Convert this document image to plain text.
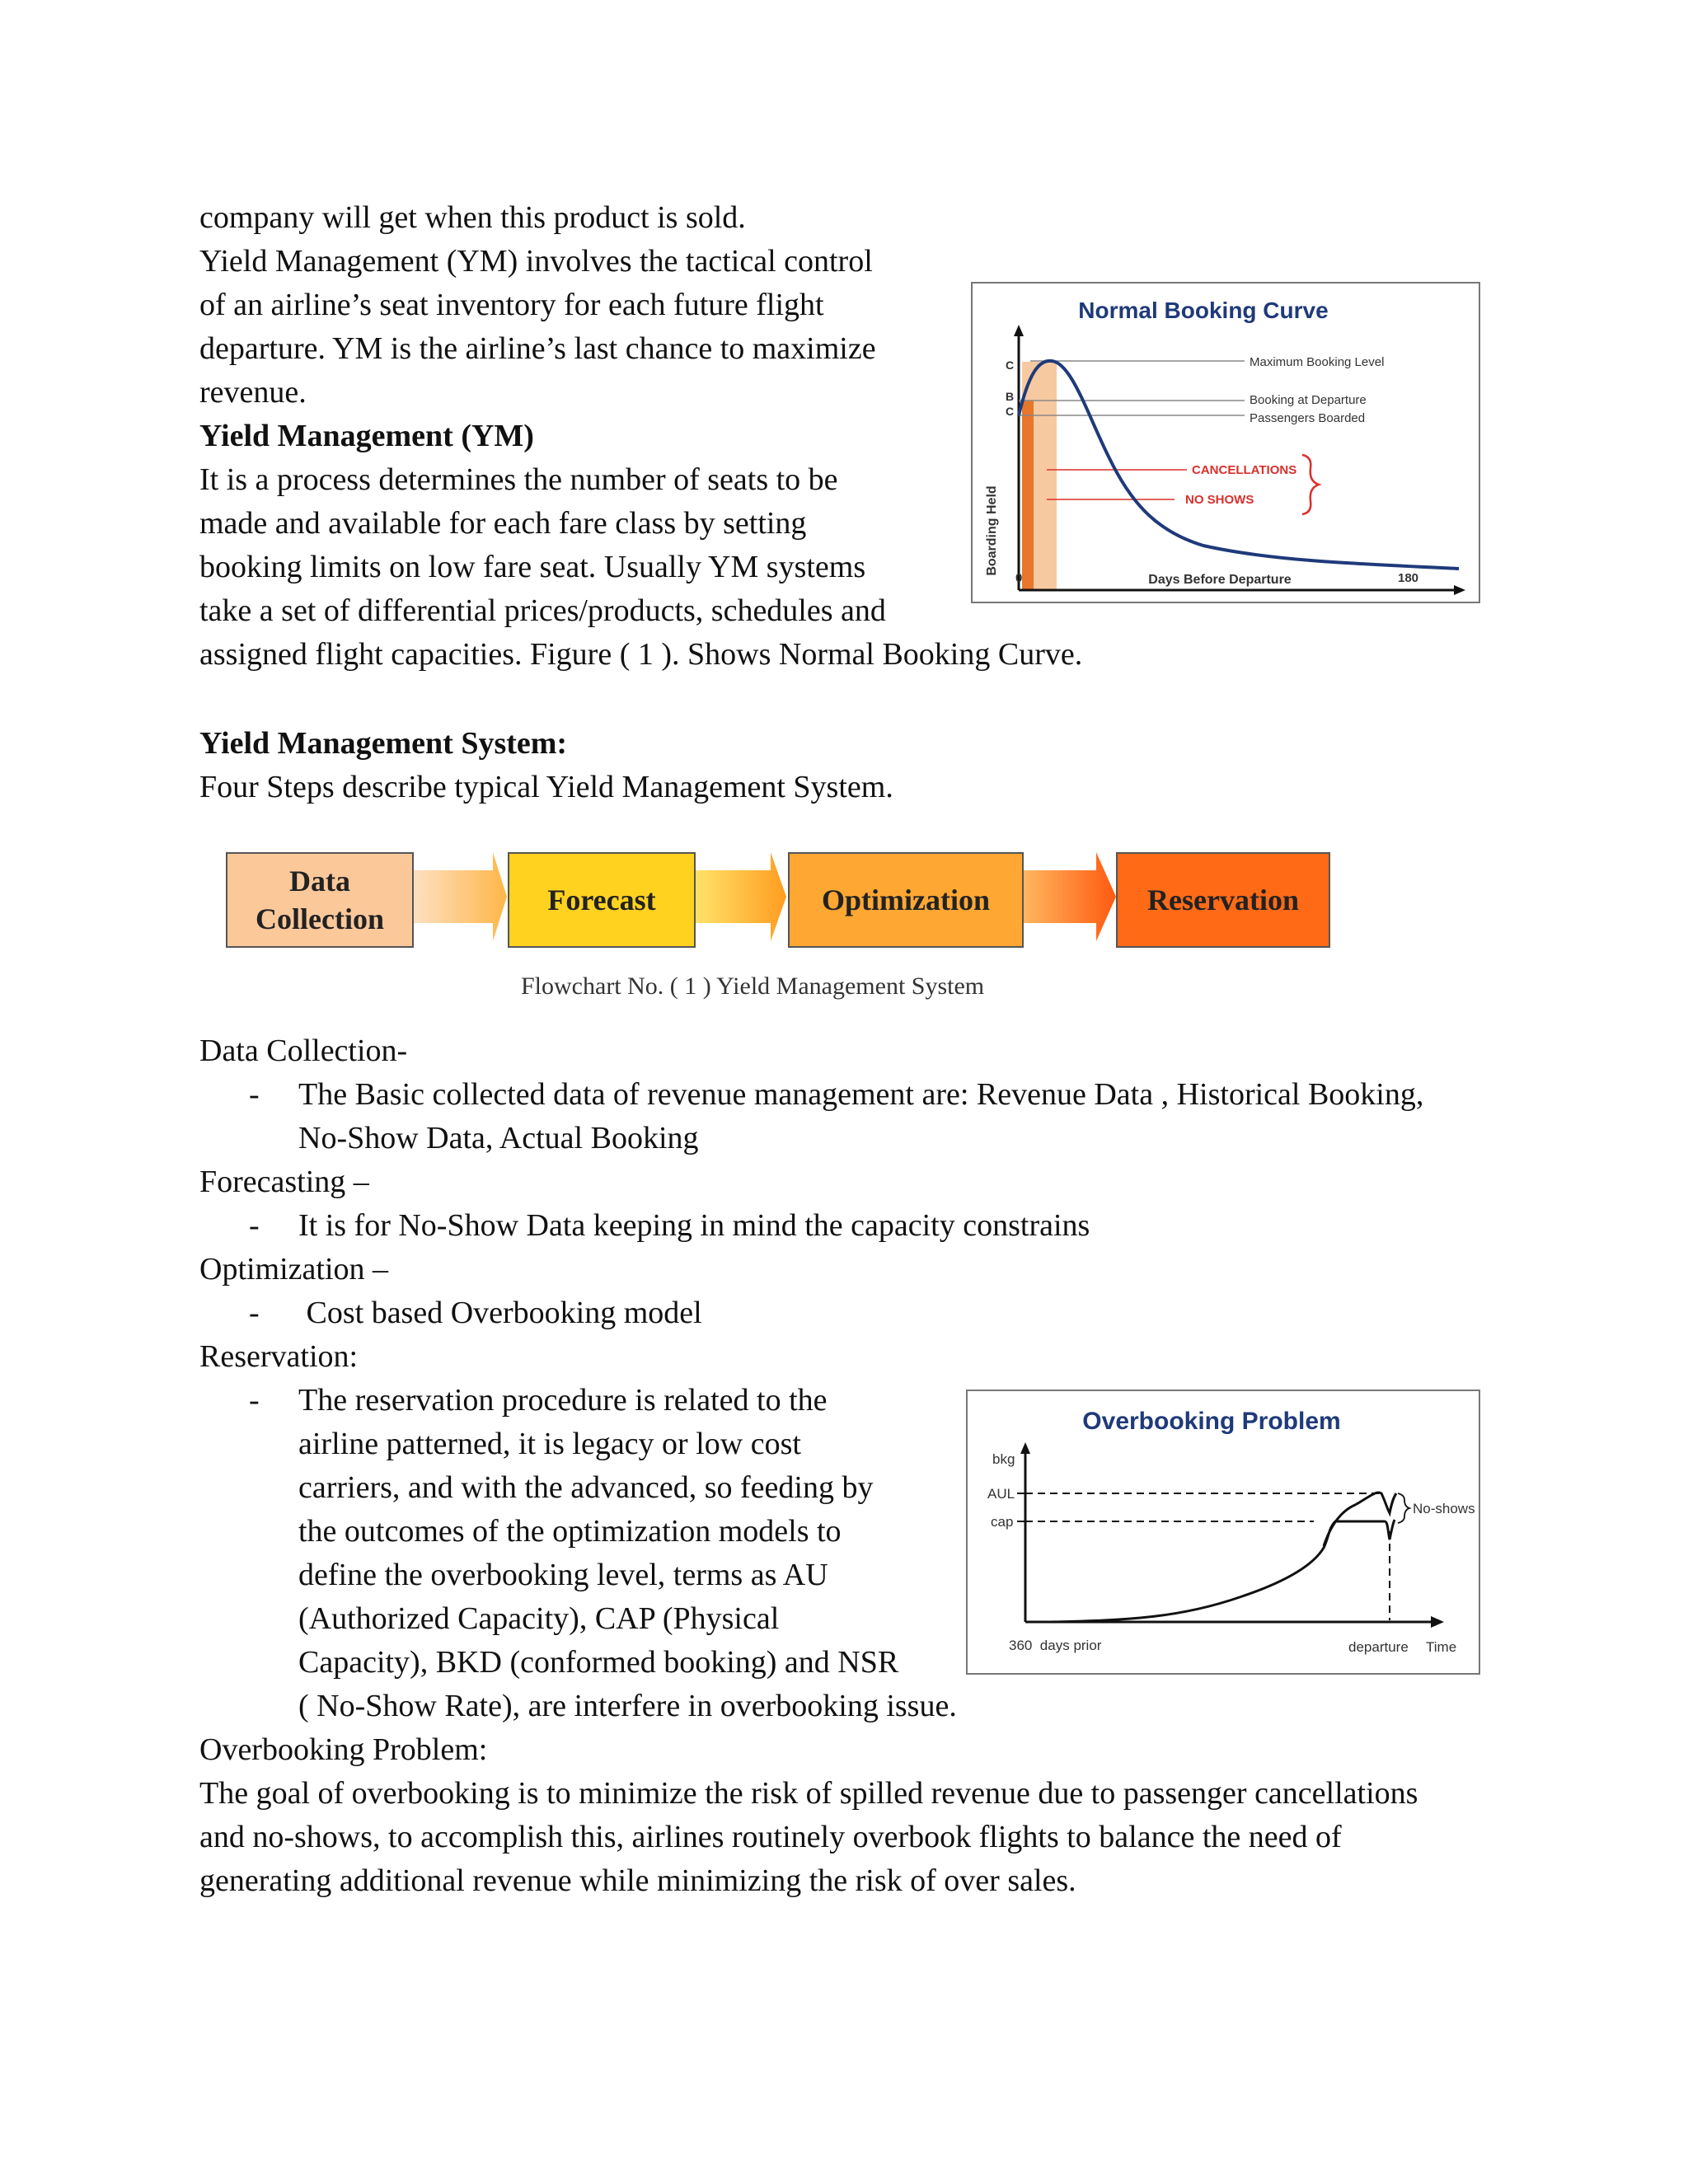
company will get when this product is sold.
Yield Management (YM) involves the tactical control
of an airline’s seat inventory for each future flight
departure. YM is the airline’s last chance to maximize
revenue.
Yield Management (YM)
It is a process determines the number of seats to be
made and available for each fare class by setting
booking limits on low fare seat. Usually YM systems
take a set of differential prices/products, schedules and
assigned flight capacities. Figure ( 1 ). Shows Normal Booking Curve.
Normal Booking Curve
C
B
C
Boarding Held
Maximum Booking Level
Booking at Departure
Passengers Boarded
CANCELLATIONS
NO SHOWS
0	Days Before Departure	180
Yield Management System:
Four Steps describe typical Yield Management System.
Data
Collection
Forecast	Optimization	Reservation
Flowchart No. ( 1 ) Yield Management System
Data Collection-
- The Basic collected data of revenue management are: Revenue Data , Historical Booking,
No-Show Data, Actual Booking
Forecasting –
- It is for No-Show Data keeping in mind the capacity constrains
Optimization –
- Cost based Overbooking model
Reservation:
- The reservation procedure is related to the
airline patterned, it is legacy or low cost
carriers, and with the advanced, so feeding by
the outcomes of the optimization models to
define the overbooking level, terms as AU
(Authorized Capacity), CAP (Physical
Capacity), BKD (conformed booking) and NSR
( No-Show Rate), are interfere in overbooking issue.
Overbooking Problem
bkg
AUL
cap
No-shows
360  days prior	departure Time
Overbooking Problem:
The goal of overbooking is to minimize the risk of spilled revenue due to passenger cancellations
and no-shows, to accomplish this, airlines routinely overbook flights to balance the need of
generating additional revenue while minimizing the risk of over sales.
